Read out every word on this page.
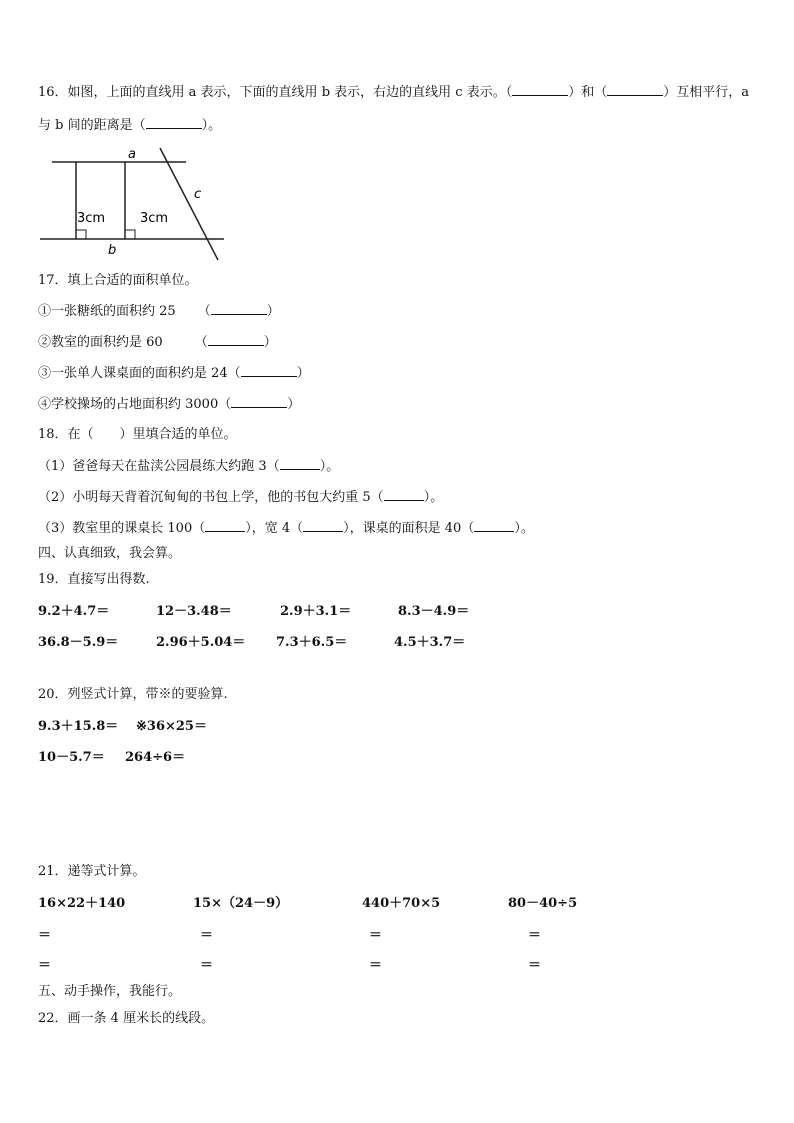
16．如图，上面的直线用 a 表示，下面的直线用 b 表示，右边的直线用 c 表示。（	）和（	）互相平行，a
与 b 间的距离是（	）。
a
b
c
3cm	3cm
17．填上合适的面积单位。
①一张糖纸的面积约 25 （	）
②教室的面积约是 60 （	）
③一张单人课桌面的面积约是 24（	）
④学校操场的占地面积约 3000（	）
18．在（　　）里填合适的单位。
（1）爸爸每天在盐渎公园晨练大约跑 3（	）。
（2）小明每天背着沉甸甸的书包上学，他的书包大约重 5（	）。
（3）教室里的课桌长 100（	），宽 4（	），课桌的面积是 40（	）。
四、认真细致，我会算。
19．直接写出得数.
9.2＋4.7＝	12－3.48＝	2.9＋3.1＝	8.3－4.9＝
36.8－5.9＝	2.96＋5.04＝ 7.3＋6.5＝	4.5＋3.7＝
20．列竖式计算，带※的要验算.
9.3＋15.8＝ ※36×25＝
10－5.7＝ 264÷6＝
21．递等式计算。
16×22＋140	15×（24－9）	440＋70×5	80－40÷5
＝	＝	＝	＝
＝	＝	＝	＝
五、动手操作，我能行。
22．画一条 4 厘米长的线段。
